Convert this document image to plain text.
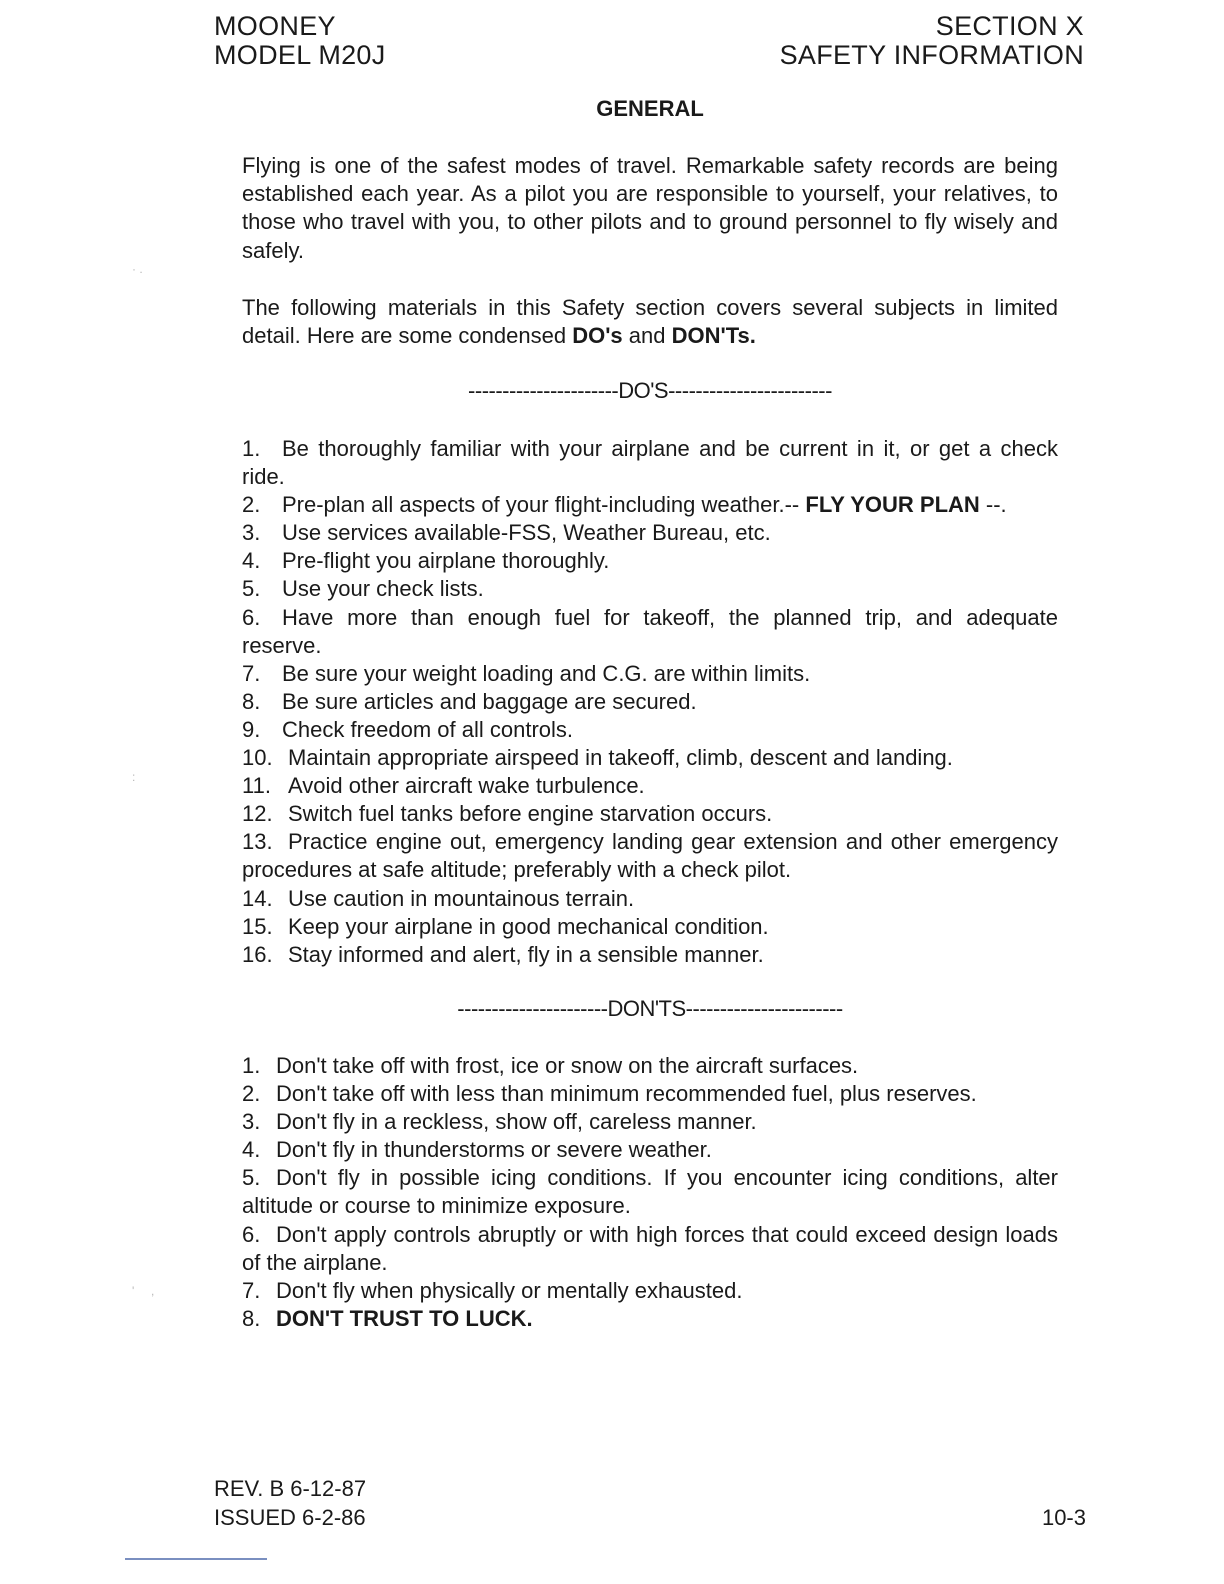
MOONEY
MODEL M20J
SECTION X
SAFETY INFORMATION
GENERAL
Flying is one of the safest modes of travel. Remarkable safety records are being established each year. As a pilot you are responsible to yourself, your relatives, to those who travel with you, to other pilots and to ground personnel to fly wisely and safely.
The following materials in this Safety section covers several subjects in limited detail. Here are some condensed DO's and DON'Ts.
----------------------DO'S------------------------
1. Be thoroughly familiar with your airplane and be current in it, or get a check ride.
2. Pre-plan all aspects of your flight-including weather.-- FLY YOUR PLAN --.
3. Use services available-FSS, Weather Bureau, etc.
4. Pre-flight you airplane thoroughly.
5. Use your check lists.
6. Have more than enough fuel for takeoff, the planned trip, and adequate reserve.
7. Be sure your weight loading and C.G. are within limits.
8. Be sure articles and baggage are secured.
9. Check freedom of all controls.
10. Maintain appropriate airspeed in takeoff, climb, descent and landing.
11. Avoid other aircraft wake turbulence.
12. Switch fuel tanks before engine starvation occurs.
13. Practice engine out, emergency landing gear extension and other emergency procedures at safe altitude; preferably with a check pilot.
14. Use caution in mountainous terrain.
15. Keep your airplane in good mechanical condition.
16. Stay informed and alert, fly in a sensible manner.
----------------------DON'TS-----------------------
1. Don't take off with frost, ice or snow on the aircraft surfaces.
2. Don't take off with less than minimum recommended fuel, plus reserves.
3. Don't fly in a reckless, show off, careless manner.
4. Don't fly in thunderstorms or severe weather.
5. Don't fly in possible icing conditions. If you encounter icing conditions, alter altitude or course to minimize exposure.
6. Don't apply controls abruptly or with high forces that could exceed design loads of the airplane.
7. Don't fly when physically or mentally exhausted.
8. DON'T TRUST TO LUCK.
REV. B 6-12-87
ISSUED 6-2-86	10-3
· .
:
'     ,
